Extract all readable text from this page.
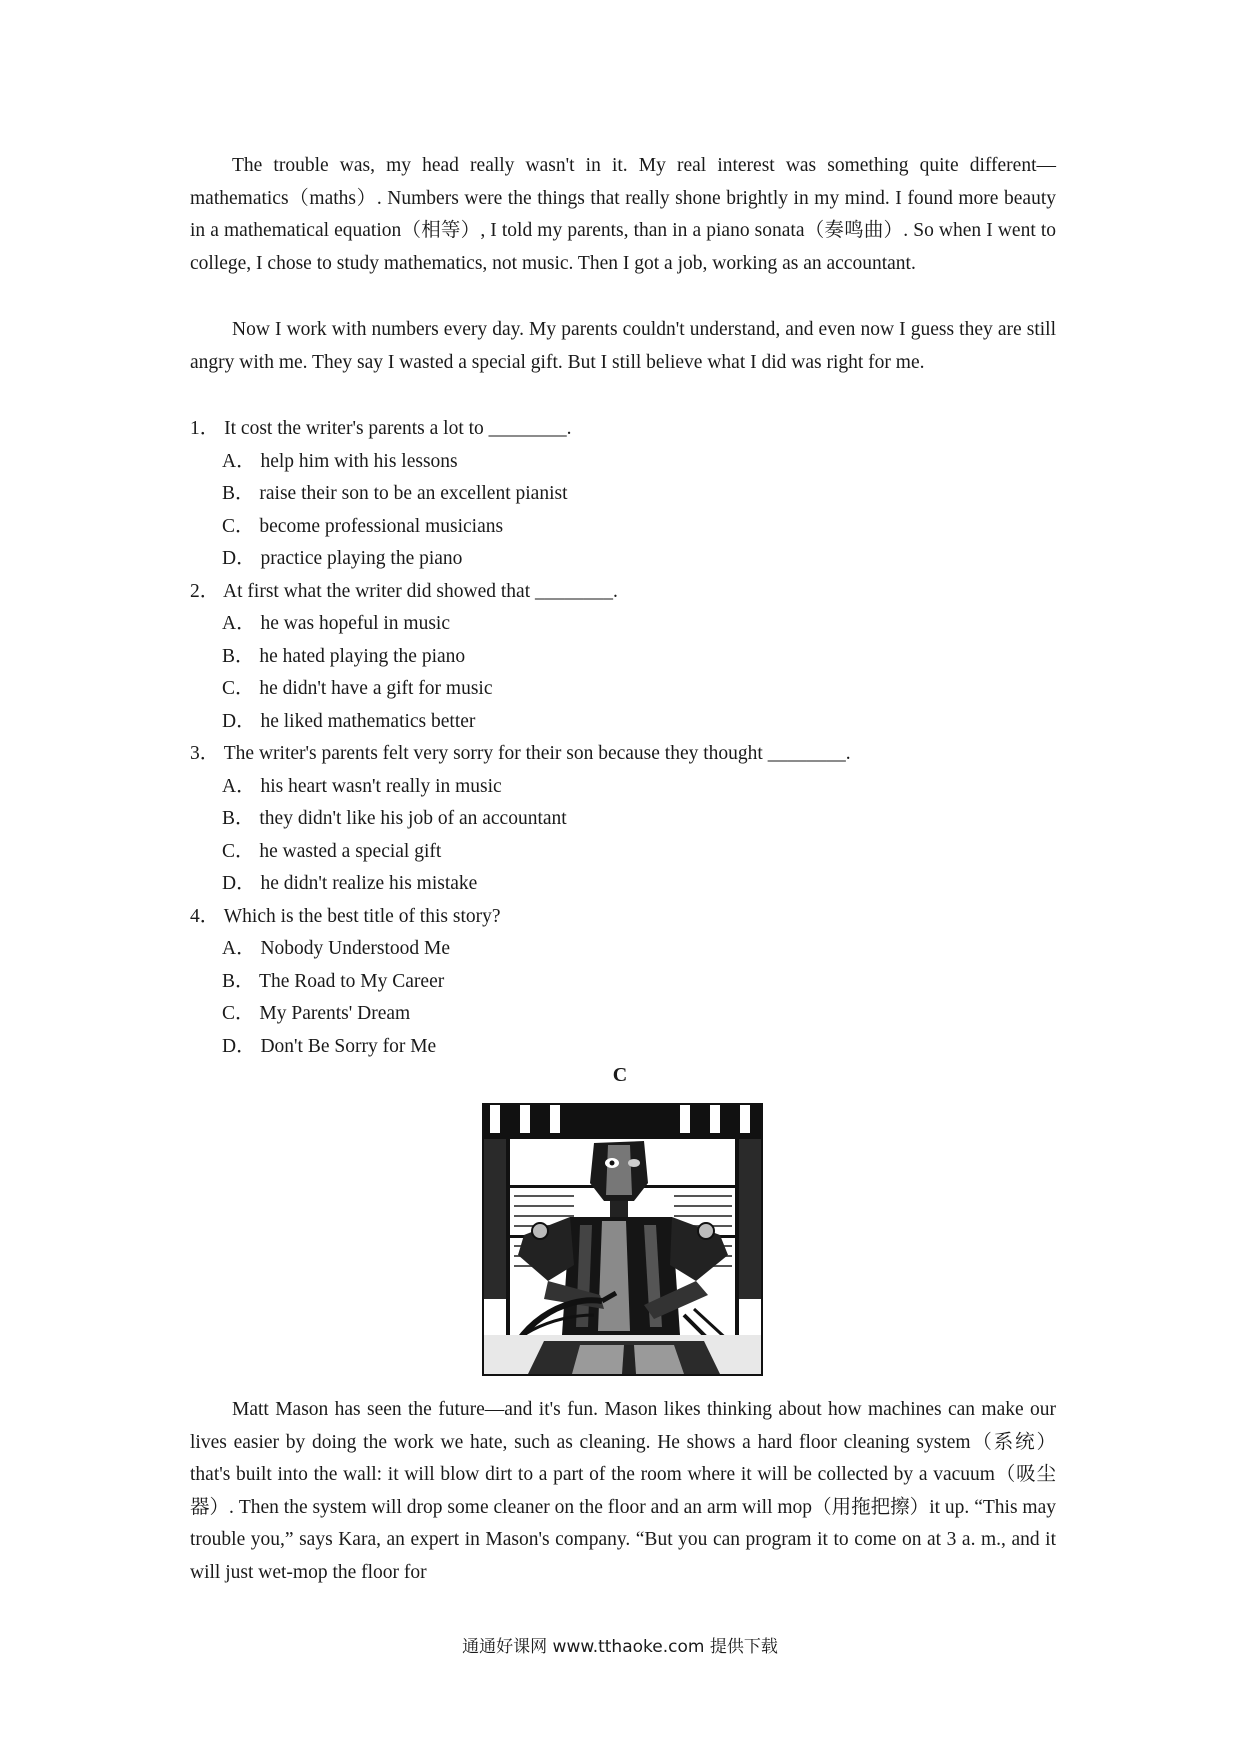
The trouble was, my head really wasn't in it. My real interest was something quite different—mathematics（maths）. Numbers were the things that really shone brightly in my mind. I found more beauty in a mathematical equation（相等）, I told my parents, than in a piano sonata（奏鸣曲）. So when I went to college, I chose to study mathematics, not music. Then I got a job, working as an accountant.

Now I work with numbers every day. My parents couldn't understand, and even now I guess they are still angry with me. They say I wasted a special gift. But I still believe what I did was right for me.

1． It cost the writer's parents a lot to ________.
A． help him with his lessons
B． raise their son to be an excellent pianist
C． become professional musicians
D． practice playing the piano
2． At first what the writer did showed that ________.
A． he was hopeful in music
B． he hated playing the piano
C． he didn't have a gift for music
D． he liked mathematics better
3． The writer's parents felt very sorry for their son because they thought ________.
A． his heart wasn't really in music
B． they didn't like his job of an accountant
C． he wasted a special gift
D． he didn't realize his mistake
4． Which is the best title of this story?
A． Nobody Understood Me
B． The Road to My Career
C． My Parents' Dream
D． Don't Be Sorry for Me
C

Matt Mason has seen the future—and it's fun. Mason likes thinking about how machines can make our lives easier by doing the work we hate, such as cleaning. He shows a hard floor cleaning system（系统）that's built into the wall: it will blow dirt to a part of the room where it will be collected by a vacuum（吸尘器）. Then the system will drop some cleaner on the floor and an arm will mop（用拖把擦）it up. “This may trouble you,” says Kara, an expert in Mason's company. “But you can program it to come on at 3 a. m., and it will just wet-mop the floor for

通通好课网 www.tthaoke.com 提供下载
